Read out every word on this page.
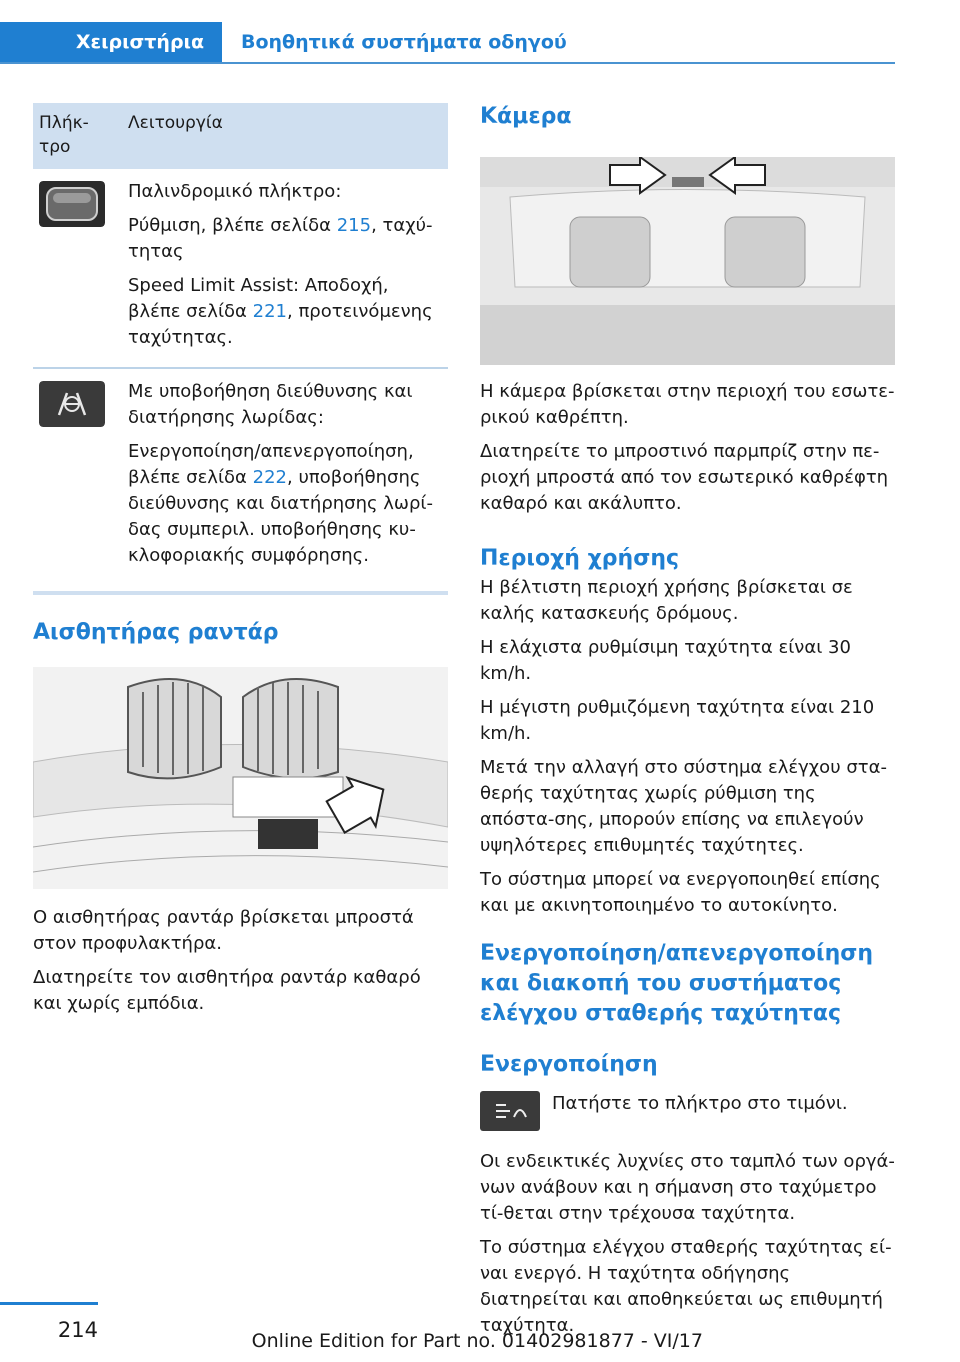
Χειριστήρια	Βοηθητικά συστήματα οδηγού
Πλήκ-
τρο
Λειτουργία

Παλινδρομικό πλήκτρο:

Ρύθμιση, βλέπε σελίδα 215, ταχύ-τητας

Speed Limit Assist: Αποδοχή, βλέπε σελίδα 221, προτεινόμενης ταχύτητας.

Με υποβοήθηση διεύθυνσης και διατήρησης λωρίδας:

Ενεργοποίηση/απενεργοποίηση, βλέπε σελίδα 222, υποβοήθησης διεύθυνσης και διατήρησης λωρί-δας συμπεριλ. υποβοήθησης κυ-κλοφοριακής συμφόρησης.

Αισθητήρας ραντάρ

Ο αισθητήρας ραντάρ βρίσκεται μπροστά στον προφυλακτήρα.

Διατηρείτε τον αισθητήρα ραντάρ καθαρό και χωρίς εμπόδια.

Κάμερα

Η κάμερα βρίσκεται στην περιοχή του εσωτε-ρικού καθρέπτη.

Διατηρείτε το μπροστινό παρμπρίζ στην πε-ριοχή μπροστά από τον εσωτερικό καθρέφτη καθαρό και ακάλυπτο.

Περιοχή χρήσης

Η βέλτιστη περιοχή χρήσης βρίσκεται σε καλής κατασκευής δρόμους.

Η ελάχιστα ρυθμίσιμη ταχύτητα είναι 30 km/h.

Η μέγιστη ρυθμιζόμενη ταχύτητα είναι 210 km/h.

Μετά την αλλαγή στο σύστημα ελέγχου στα-θερής ταχύτητας χωρίς ρύθμιση της απόστα-σης, μπορούν επίσης να επιλεγούν υψηλότερες επιθυμητές ταχύτητες.

Το σύστημα μπορεί να ενεργοποιηθεί επίσης και με ακινητοποιημένο το αυτοκίνητο.

Ενεργοποίηση/απενεργοποίηση και διακοπή του συστήματος ελέγχου σταθερής ταχύτητας
Ενεργοποίηση

Πατήστε το πλήκτρο στο τιμόνι.

Οι ενδεικτικές λυχνίες στο ταμπλό των οργά-νων ανάβουν και η σήμανση στο ταχύμετρο τί-θεται στην τρέχουσα ταχύτητα.

Το σύστημα ελέγχου σταθερής ταχύτητας εί-ναι ενεργό. Η ταχύτητα οδήγησης διατηρείται και αποθηκεύεται ως επιθυμητή ταχύτητα.

214	Online Edition for Part no. 01402981877 - VI/17
